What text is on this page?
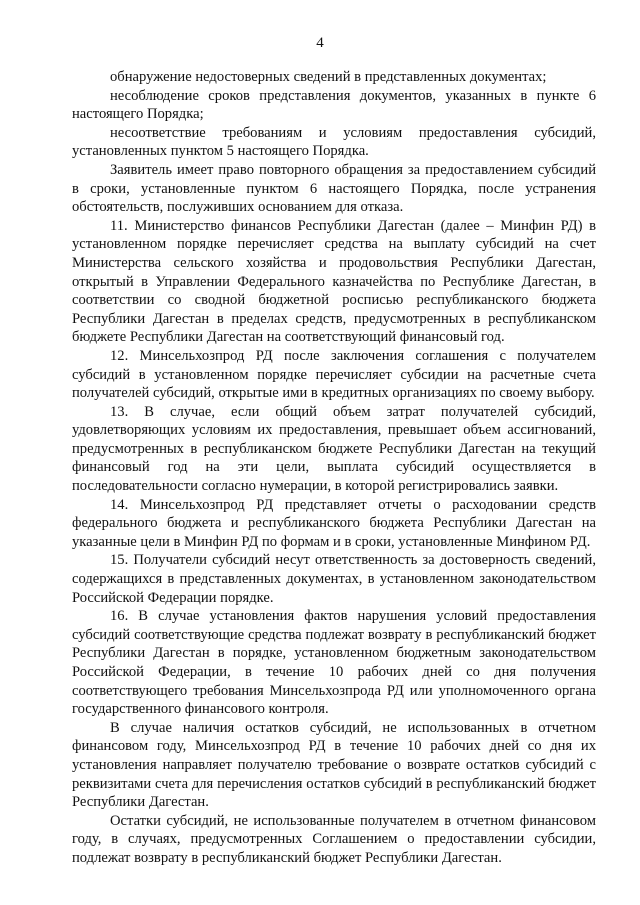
4

обнаружение недостоверных сведений в представленных документах;

несоблюдение сроков представления документов, указанных в пункте 6 настоящего Порядка;

несоответствие требованиям и условиям предоставления субсидий, установленных пунктом 5 настоящего Порядка.

Заявитель имеет право повторного обращения за предоставлением субсидий в сроки, установленные пунктом 6 настоящего Порядка, после устранения обстоятельств, послуживших основанием для отказа.

11. Министерство финансов Республики Дагестан (далее – Минфин РД) в установленном порядке перечисляет средства на выплату субсидий на счет Министерства сельского хозяйства и продовольствия Республики Дагестан, открытый в Управлении Федерального казначейства по Республике Дагестан, в соответствии со сводной бюджетной росписью республиканского бюджета Республики Дагестан в пределах средств, предусмотренных в республиканском бюджете Республики Дагестан на соответствующий финансовый год.

12. Минсельхозпрод РД после заключения соглашения с получателем субсидий в установленном порядке перечисляет субсидии на расчетные счета получателей субсидий, открытые ими в кредитных организациях по своему выбору.

13. В случае, если общий объем затрат получателей субсидий, удовлетворяющих условиям их предоставления, превышает объем ассигнований, предусмотренных в республиканском бюджете Республики Дагестан на текущий финансовый год на эти цели, выплата субсидий осуществляется в последовательности согласно нумерации, в которой регистрировались заявки.

14. Минсельхозпрод РД представляет отчеты о расходовании средств федерального бюджета и республиканского бюджета Республики Дагестан на указанные цели в Минфин РД по формам и в сроки, установленные Минфином РД.

15. Получатели субсидий несут ответственность за достоверность сведений, содержащихся в представленных документах, в установленном законодательством Российской Федерации порядке.

16. В случае установления фактов нарушения условий предоставления субсидий соответствующие средства подлежат возврату в республиканский бюджет Республики Дагестан в порядке, установленном бюджетным законодательством Российской Федерации, в течение 10 рабочих дней со дня получения соответствующего требования Минсельхозпрода РД или уполномоченного органа государственного финансового контроля.

В случае наличия остатков субсидий, не использованных в отчетном финансовом году, Минсельхозпрод РД в течение 10 рабочих дней со дня их установления направляет получателю требование о возврате остатков субсидий с реквизитами счета для перечисления остатков субсидий в республиканский бюджет Республики Дагестан.

Остатки субсидий, не использованные получателем в отчетном финансовом году, в случаях, предусмотренных Соглашением о предоставлении субсидии, подлежат возврату в республиканский бюджет Республики Дагестан.
